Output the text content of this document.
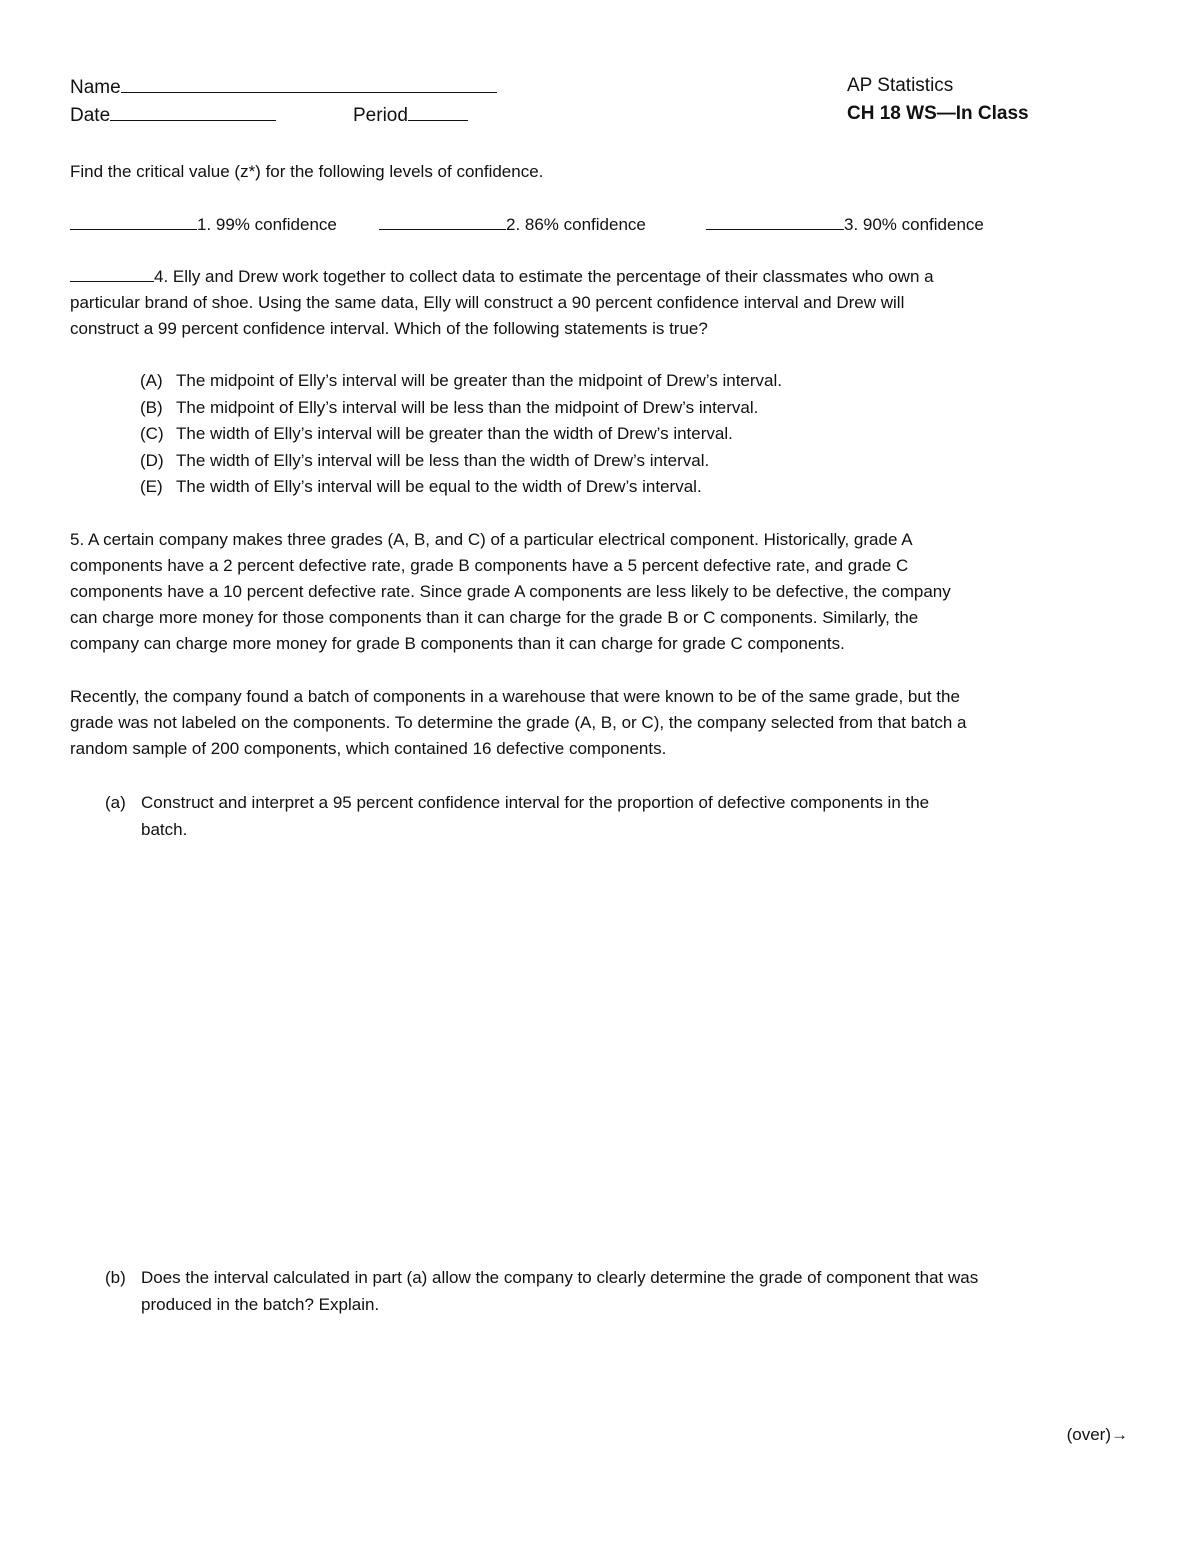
Name
Date	Period
AP Statistics
CH 18 WS—In Class
Find the critical value (z*) for the following levels of confidence.
1. 99% confidence	2. 86% confidence	3. 90% confidence
4. Elly and Drew work together to collect data to estimate the percentage of their classmates who own a
particular brand of shoe. Using the same data, Elly will construct a 90 percent confidence interval and Drew will
construct a 99 percent confidence interval. Which of the following statements is true?
(A) The midpoint of Elly’s interval will be greater than the midpoint of Drew’s interval.
(B) The midpoint of Elly’s interval will be less than the midpoint of Drew’s interval.
(C) The width of Elly’s interval will be greater than the width of Drew’s interval.
(D) The width of Elly’s interval will be less than the width of Drew’s interval.
(E) The width of Elly’s interval will be equal to the width of Drew’s interval.
5. A certain company makes three grades (A, B, and C) of a particular electrical component. Historically, grade A
components have a 2 percent defective rate, grade B components have a 5 percent defective rate, and grade C
components have a 10 percent defective rate. Since grade A components are less likely to be defective, the company
can charge more money for those components than it can charge for the grade B or C components. Similarly, the
company can charge more money for grade B components than it can charge for grade C components.
Recently, the company found a batch of components in a warehouse that were known to be of the same grade, but the
grade was not labeled on the components. To determine the grade (A, B, or C), the company selected from that batch a
random sample of 200 components, which contained 16 defective components.
(a) Construct and interpret a 95 percent confidence interval for the proportion of defective components in the
batch.
(b) Does the interval calculated in part (a) allow the company to clearly determine the grade of component that was
produced in the batch? Explain.
(over)→
